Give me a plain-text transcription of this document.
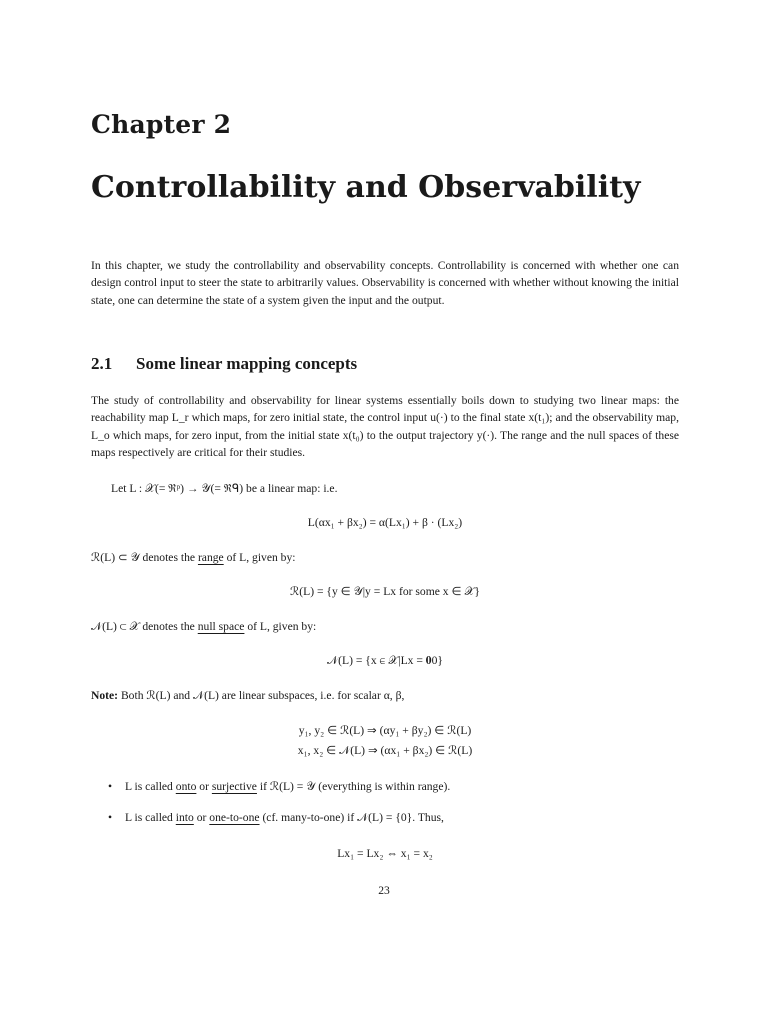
Chapter 2
Controllability and Observability
In this chapter, we study the controllability and observability concepts. Controllability is concerned with whether one can design control input to steer the state to arbitrarily values. Observability is concerned with whether without knowing the initial state, one can determine the state of a system given the input and the output.
2.1 Some linear mapping concepts
The study of controllability and observability for linear systems essentially boils down to studying two linear maps: the reachability map L_r which maps, for zero initial state, the control input u(·) to the final state x(t₁); and the observability map, L_o which maps, for zero input, from the initial state x(t₀) to the output trajectory y(·). The range and the null spaces of these maps respectively are critical for their studies.
Let L : 𝒳(= ℜᵖ) → 𝒴(= ℜᑫ) be a linear map: i.e.
L(αx₁ + βx₂) = α(Lx₁) + β · (Lx₂)
ℛ(L) ⊂ 𝒴 denotes the range of L, given by:
ℛ(L) = {y ∈ 𝒴|y = Lx for some x ∈ 𝒳}
𝒩(L) ⊂ 𝒳 denotes the null space of L, given by:
𝒩(L) = {x ∈ 𝒳|Lx = 𝟎0}
Note: Both ℛ(L) and 𝒩(L) are linear subspaces, i.e. for scalar α, β,
y₁, y₂ ∈ ℛ(L) ⇒ (αy₁ + βy₂) ∈ ℛ(L)
x₁, x₂ ∈ 𝒩(L) ⇒ (αx₁ + βx₂) ∈ ℛ(L)
• L is called onto or surjective if ℛ(L) = 𝒴 (everything is within range).
• L is called into or one-to-one (cf. many-to-one) if 𝒩(L) = {0}. Thus,
Lx₁ = Lx₂ ⇔ x₁ = x₂
23
